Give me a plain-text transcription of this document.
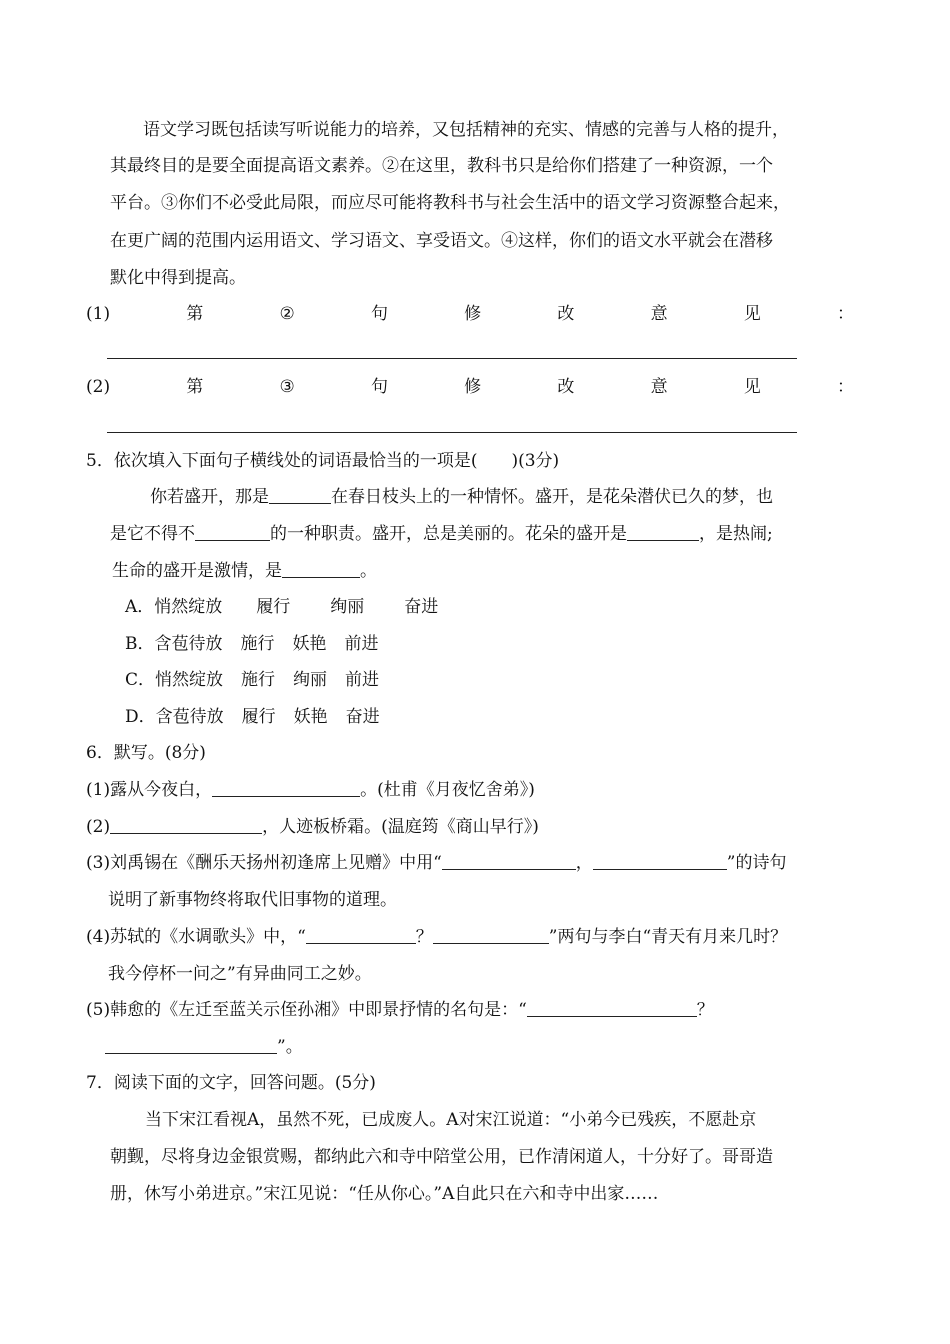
语文学习既包括读写听说能力的培养，又包括精神的充实、情感的完善与人格的提升，
其最终目的是要全面提高语文素养。②在这里，教科书只是给你们搭建了一种资源，一个
平台。③你们不必受此局限，而应尽可能将教科书与社会生活中的语文学习资源整合起来，
在更广阔的范围内运用语文、学习语文、享受语文。④这样，你们的语文水平就会在潜移
默化中得到提高。
(1)	第	②	句	修	改	意	见	：
(2)	第	③	句	修	改	意	见	：
5．依次填入下面句子横线处的词语最恰当的一项是(　　)(3分)
你若盛开，那是	在春日枝头上的一种情怀。盛开，是花朵潜伏已久的梦，也
是它不得不	的一种职责。盛开，总是美丽的。花朵的盛开是	，是热闹;
生命的盛开是激情，是	。
A．悄然绽放 履行 绚丽 奋进
B．含苞待放 施行 妖艳 前进
C．悄然绽放 施行 绚丽 前进
D．含苞待放 履行 妖艳 奋进
6．默写。(8分)
(1)露从今夜白，	。(杜甫《月夜忆舍弟》)
(2)	，人迹板桥霜。(温庭筠《商山早行》)
(3)刘禹锡在《酬乐天扬州初逢席上见赠》中用“	，	”的诗句
说明了新事物终将取代旧事物的道理。
(4)苏轼的《水调歌头》中，“	？	”两句与李白“青天有月来几时？
我今停杯一问之”有异曲同工之妙。
(5)韩愈的《左迁至蓝关示侄孙湘》中即景抒情的名句是：“	？
”。
7．阅读下面的文字，回答问题。(5分)
当下宋江看视A，虽然不死，已成废人。A对宋江说道：“小弟今已残疾，不愿赴京
朝觐，尽将身边金银赏赐，都纳此六和寺中陪堂公用，已作清闲道人，十分好了。哥哥造
册，休写小弟进京。”宋江见说：“任从你心。”A自此只在六和寺中出家……
